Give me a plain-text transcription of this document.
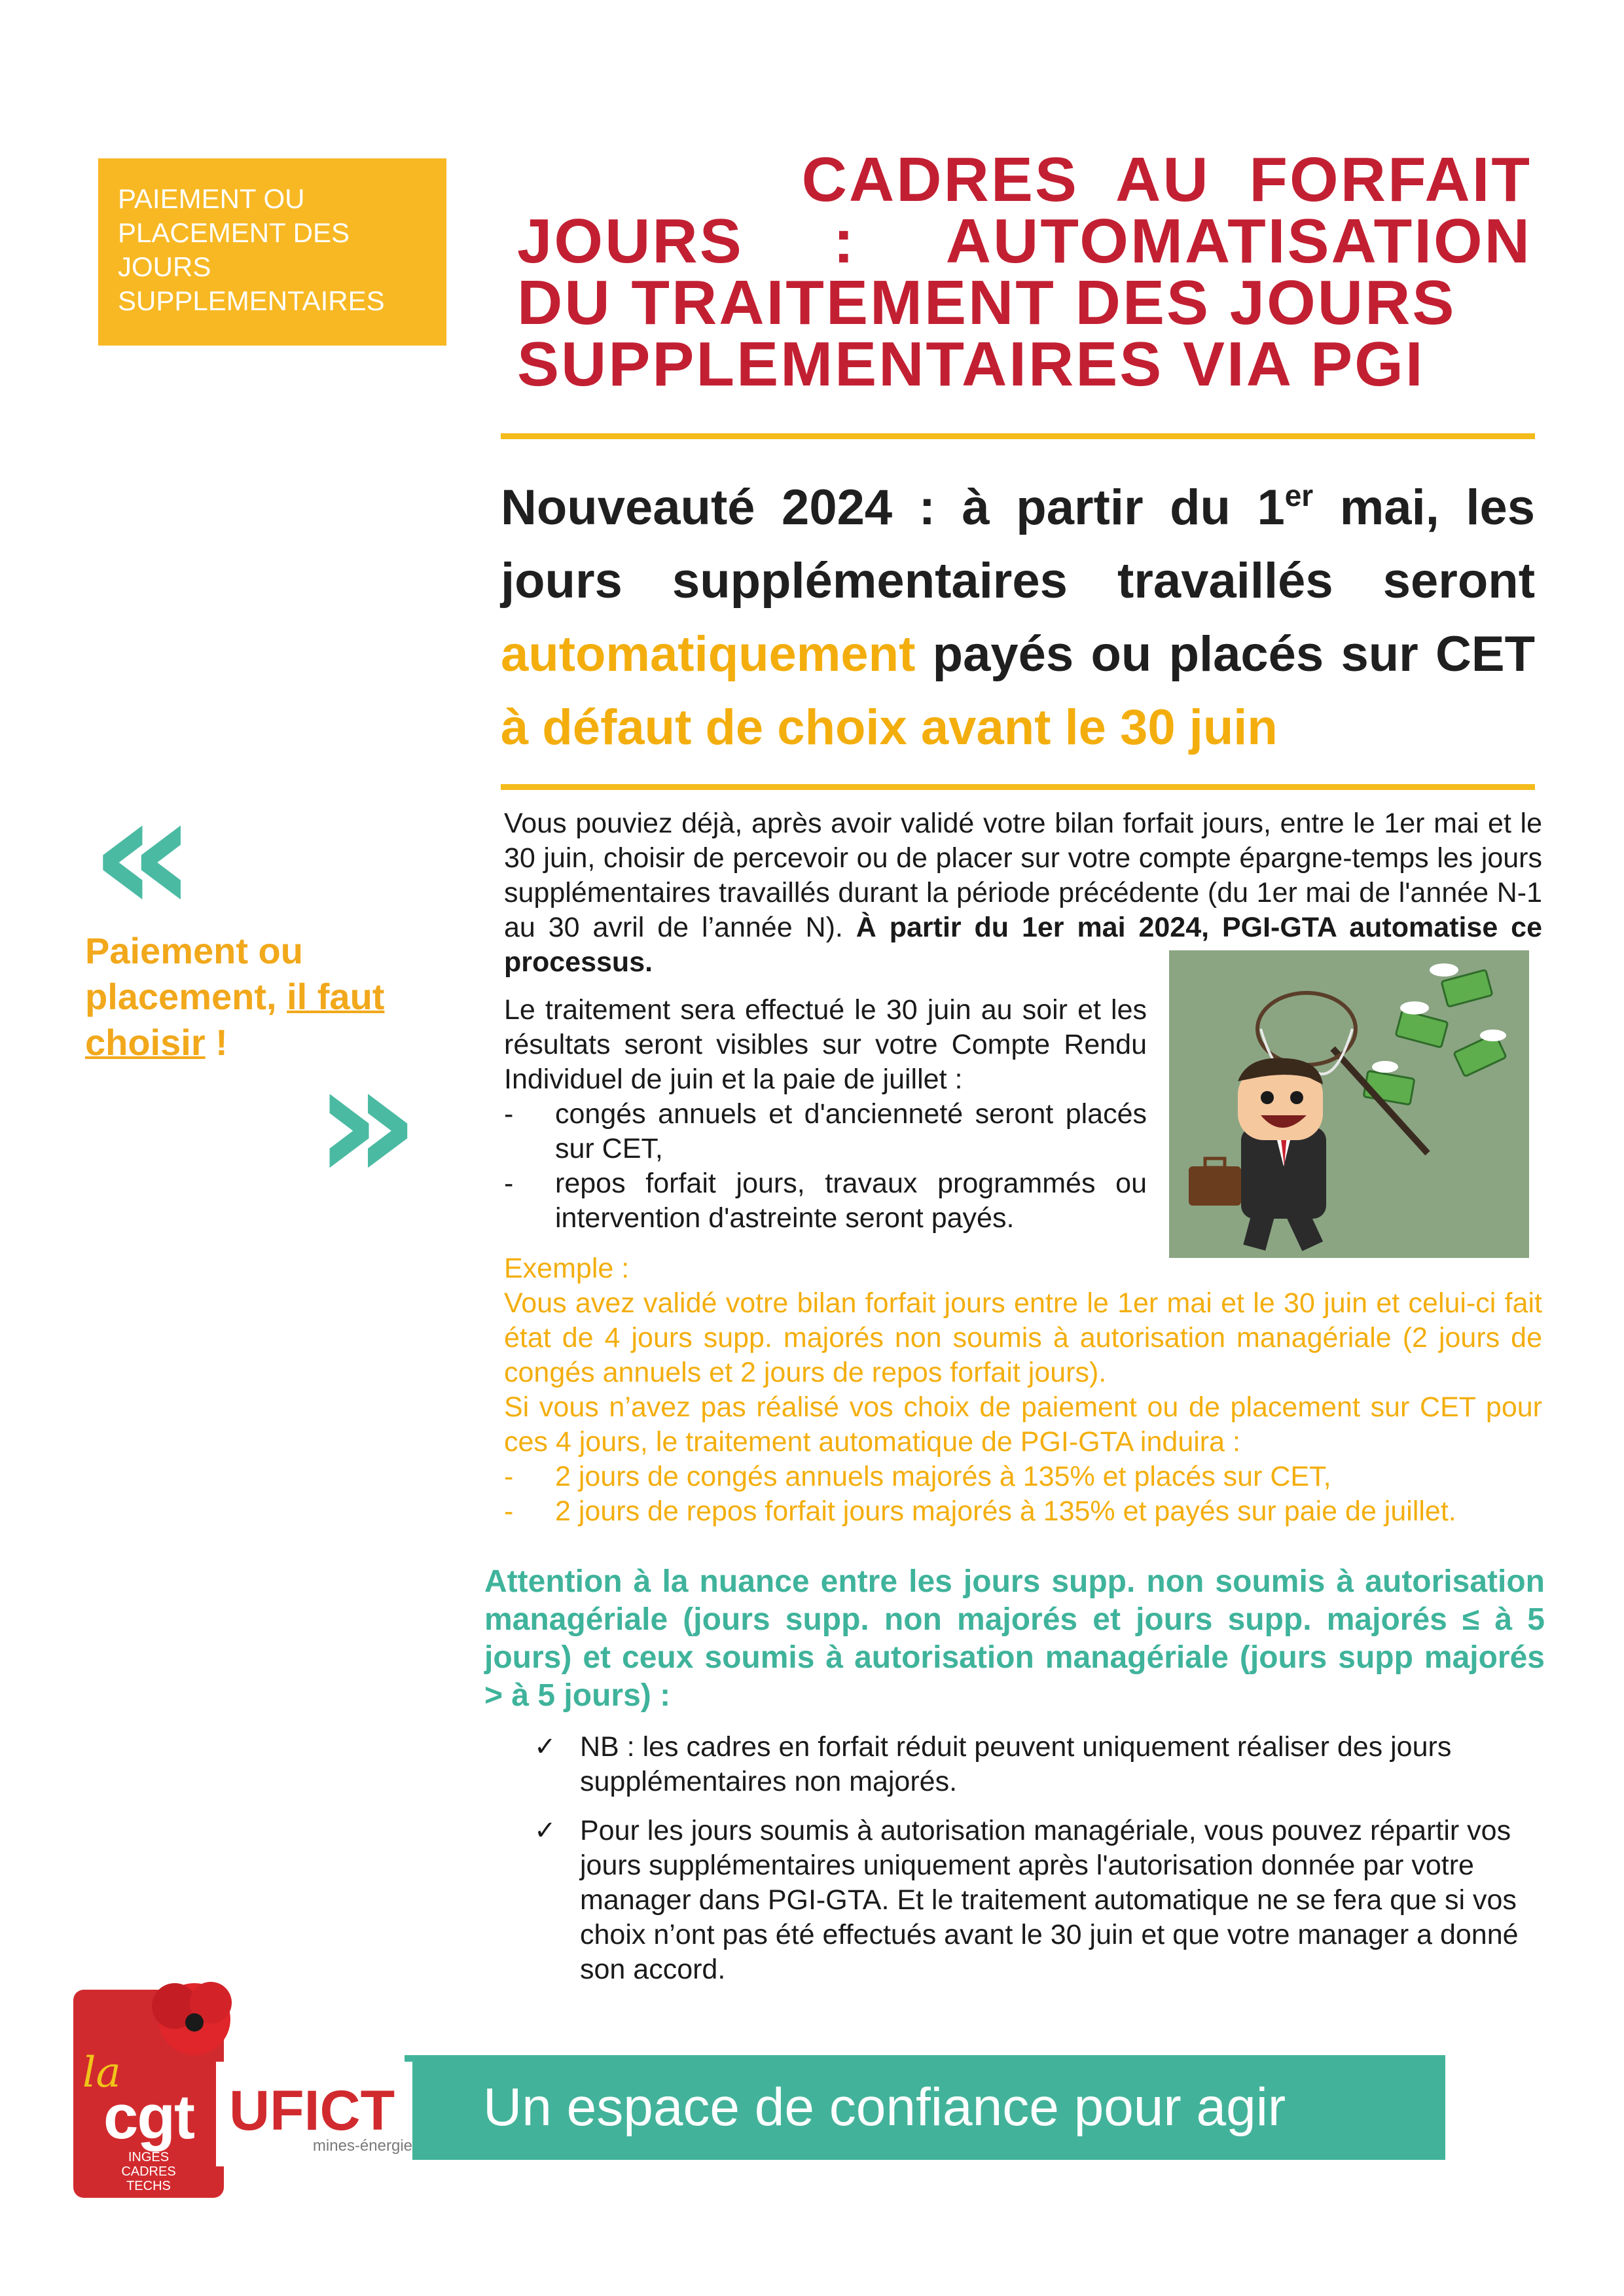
PAIEMENT OU
PLACEMENT DES
JOURS
SUPPLEMENTAIRES
CADRES AU FORFAIT
JOURS : AUTOMATISATION
DU TRAITEMENT DES JOURS
SUPPLEMENTAIRES VIA PGI
Nouveauté 2024 : à partir du 1er mai, les jours supplémentaires travaillés seront automatiquement payés ou placés sur CET à défaut de choix avant le 30 juin
«
Paiement ou
placement, il faut
choisir ! »
Vous pouviez déjà, après avoir validé votre bilan forfait jours, entre le 1er mai et le 30 juin, choisir de percevoir ou de placer sur votre compte épargne-temps les jours supplémentaires travaillés durant la période précédente (du 1er mai de l'année N-1 au 30 avril de l’année N). À partir du 1er mai 2024, PGI-GTA automatise ce processus.
Le traitement sera effectué le 30 juin au soir et les résultats seront visibles sur votre Compte Rendu Individuel de juin et la paie de juillet :
-	congés annuels et d'ancienneté seront placés sur CET,
-	repos forfait jours, travaux programmés ou intervention d'astreinte seront payés.
Exemple :
Vous avez validé votre bilan forfait jours entre le 1er mai et le 30 juin et celui-ci fait état de 4 jours supp. majorés non soumis à autorisation managériale (2 jours de congés annuels et 2 jours de repos forfait jours).
Si vous n’avez pas réalisé vos choix de paiement ou de placement sur CET pour ces 4 jours, le traitement automatique de PGI-GTA induira :
-	2 jours de congés annuels majorés à 135% et placés sur CET,
-	2 jours de repos forfait jours majorés à 135% et payés sur paie de juillet.
Attention à la nuance entre les jours supp. non soumis à autorisation managériale (jours supp. non majorés et jours supp. majorés ≤ à 5 jours) et ceux soumis à autorisation managériale (jours supp majorés > à 5 jours) :
✓ NB : les cadres en forfait réduit peuvent uniquement réaliser des jours supplémentaires non majorés.
✓ Pour les jours soumis à autorisation managériale, vous pouvez répartir vos jours supplémentaires uniquement après l'autorisation donnée par votre manager dans PGI-GTA. Et le traitement automatique ne se fera que si vos choix n’ont pas été effectués avant le 30 juin et que votre manager a donné son accord.
Un espace de confiance pour agir
la
cgt
INGÉS
CADRES
TECHS
UFICT
mines-énergie
